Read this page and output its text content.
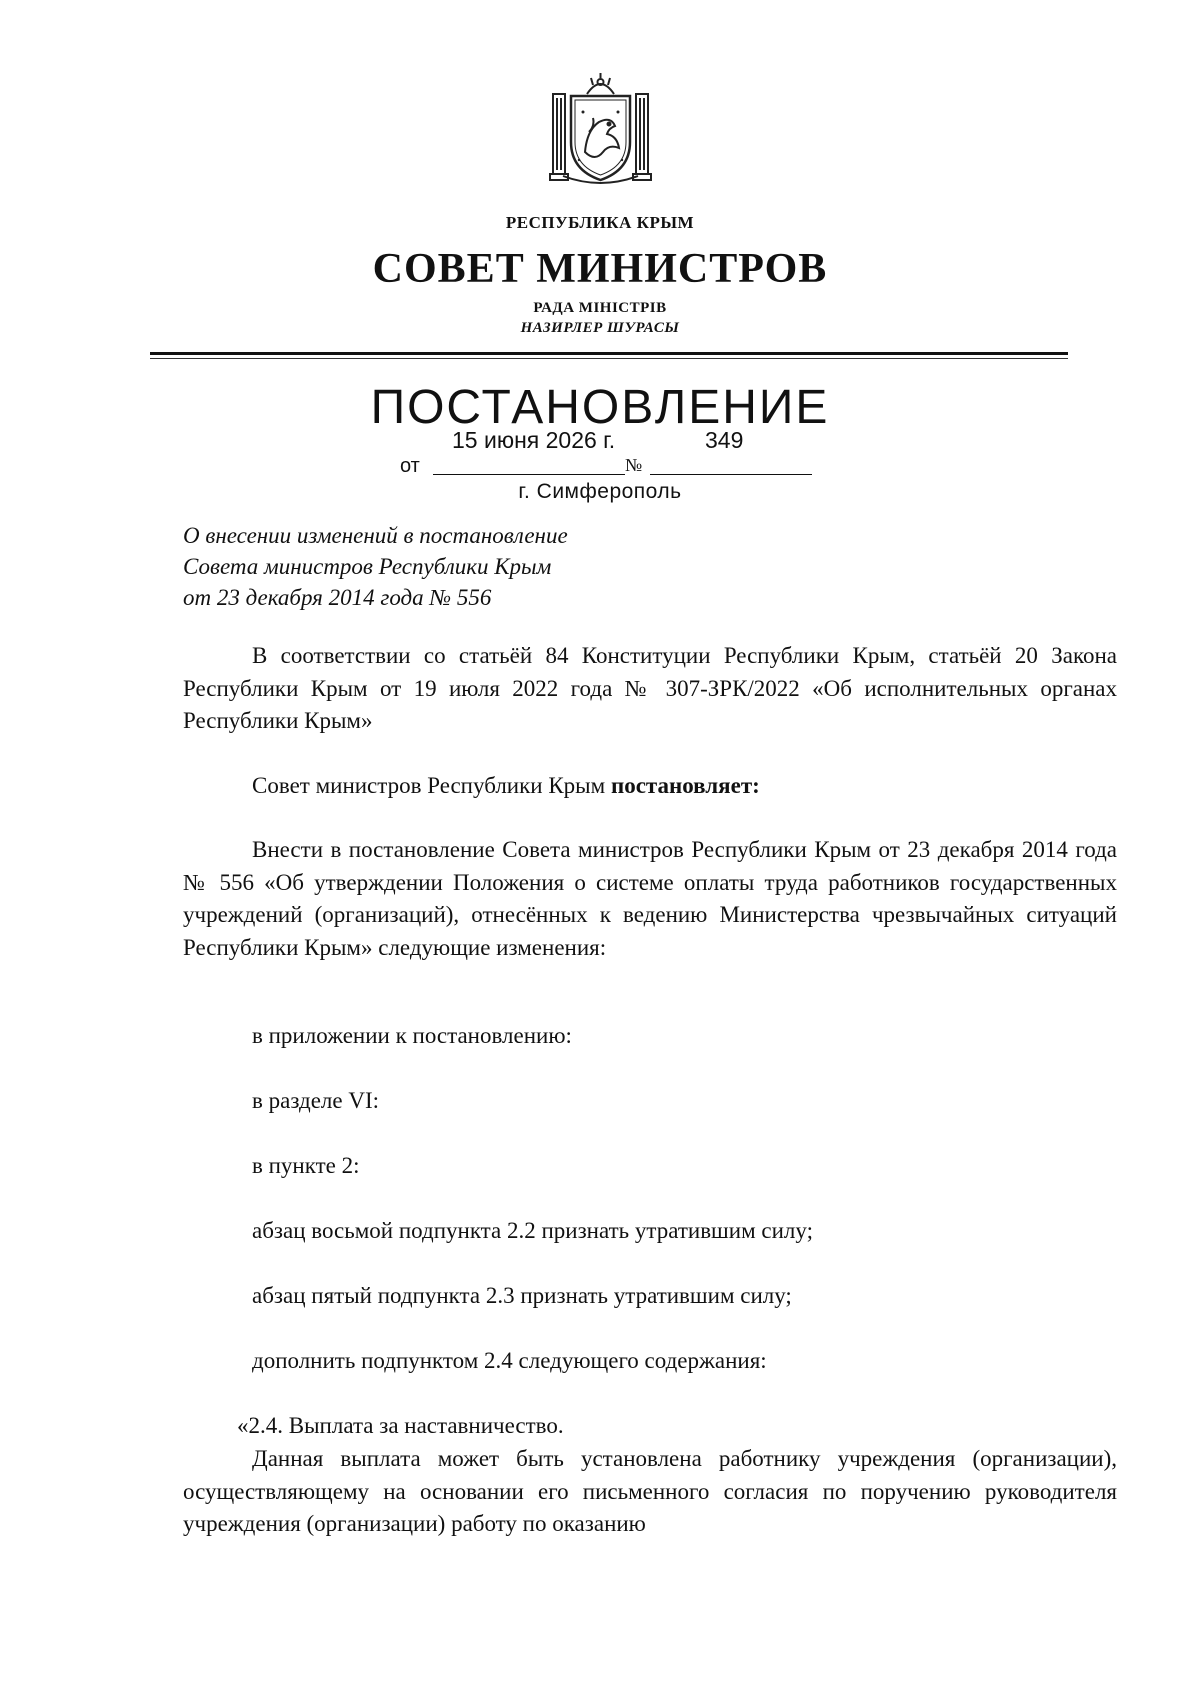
РЕСПУБЛИКА КРЫМ
СОВЕТ МИНИСТРОВ
РАДА МІНІСТРІВ
НАЗИРЛЕР ШУРАСЫ
ПОСТАНОВЛЕНИЕ
15 июня 2026 г.	349
от	№
г. Симферополь
О внесении изменений в постановление
Совета министров Республики Крым
от 23 декабря 2014 года № 556
В соответствии со статьёй 84 Конституции Республики Крым, статьёй 20 Закона Республики Крым от 19 июля 2022 года № 307-ЗРК/2022 «Об исполнительных органах Республики Крым»
Совет министров Республики Крым постановляет:
Внести в постановление Совета министров Республики Крым от 23 декабря 2014 года № 556 «Об утверждении Положения о системе оплаты труда работников государственных учреждений (организаций), отнесённых к ведению Министерства чрезвычайных ситуаций Республики Крым» следующие изменения:
в приложении к постановлению:
в разделе VI:
в пункте 2:
абзац восьмой подпункта 2.2 признать утратившим силу;
абзац пятый подпункта 2.3 признать утратившим силу;
дополнить подпунктом 2.4 следующего содержания:
«2.4. Выплата за наставничество.
Данная выплата может быть установлена работнику учреждения (организации), осуществляющему на основании его письменного согласия по поручению руководителя учреждения (организации) работу по оказанию
